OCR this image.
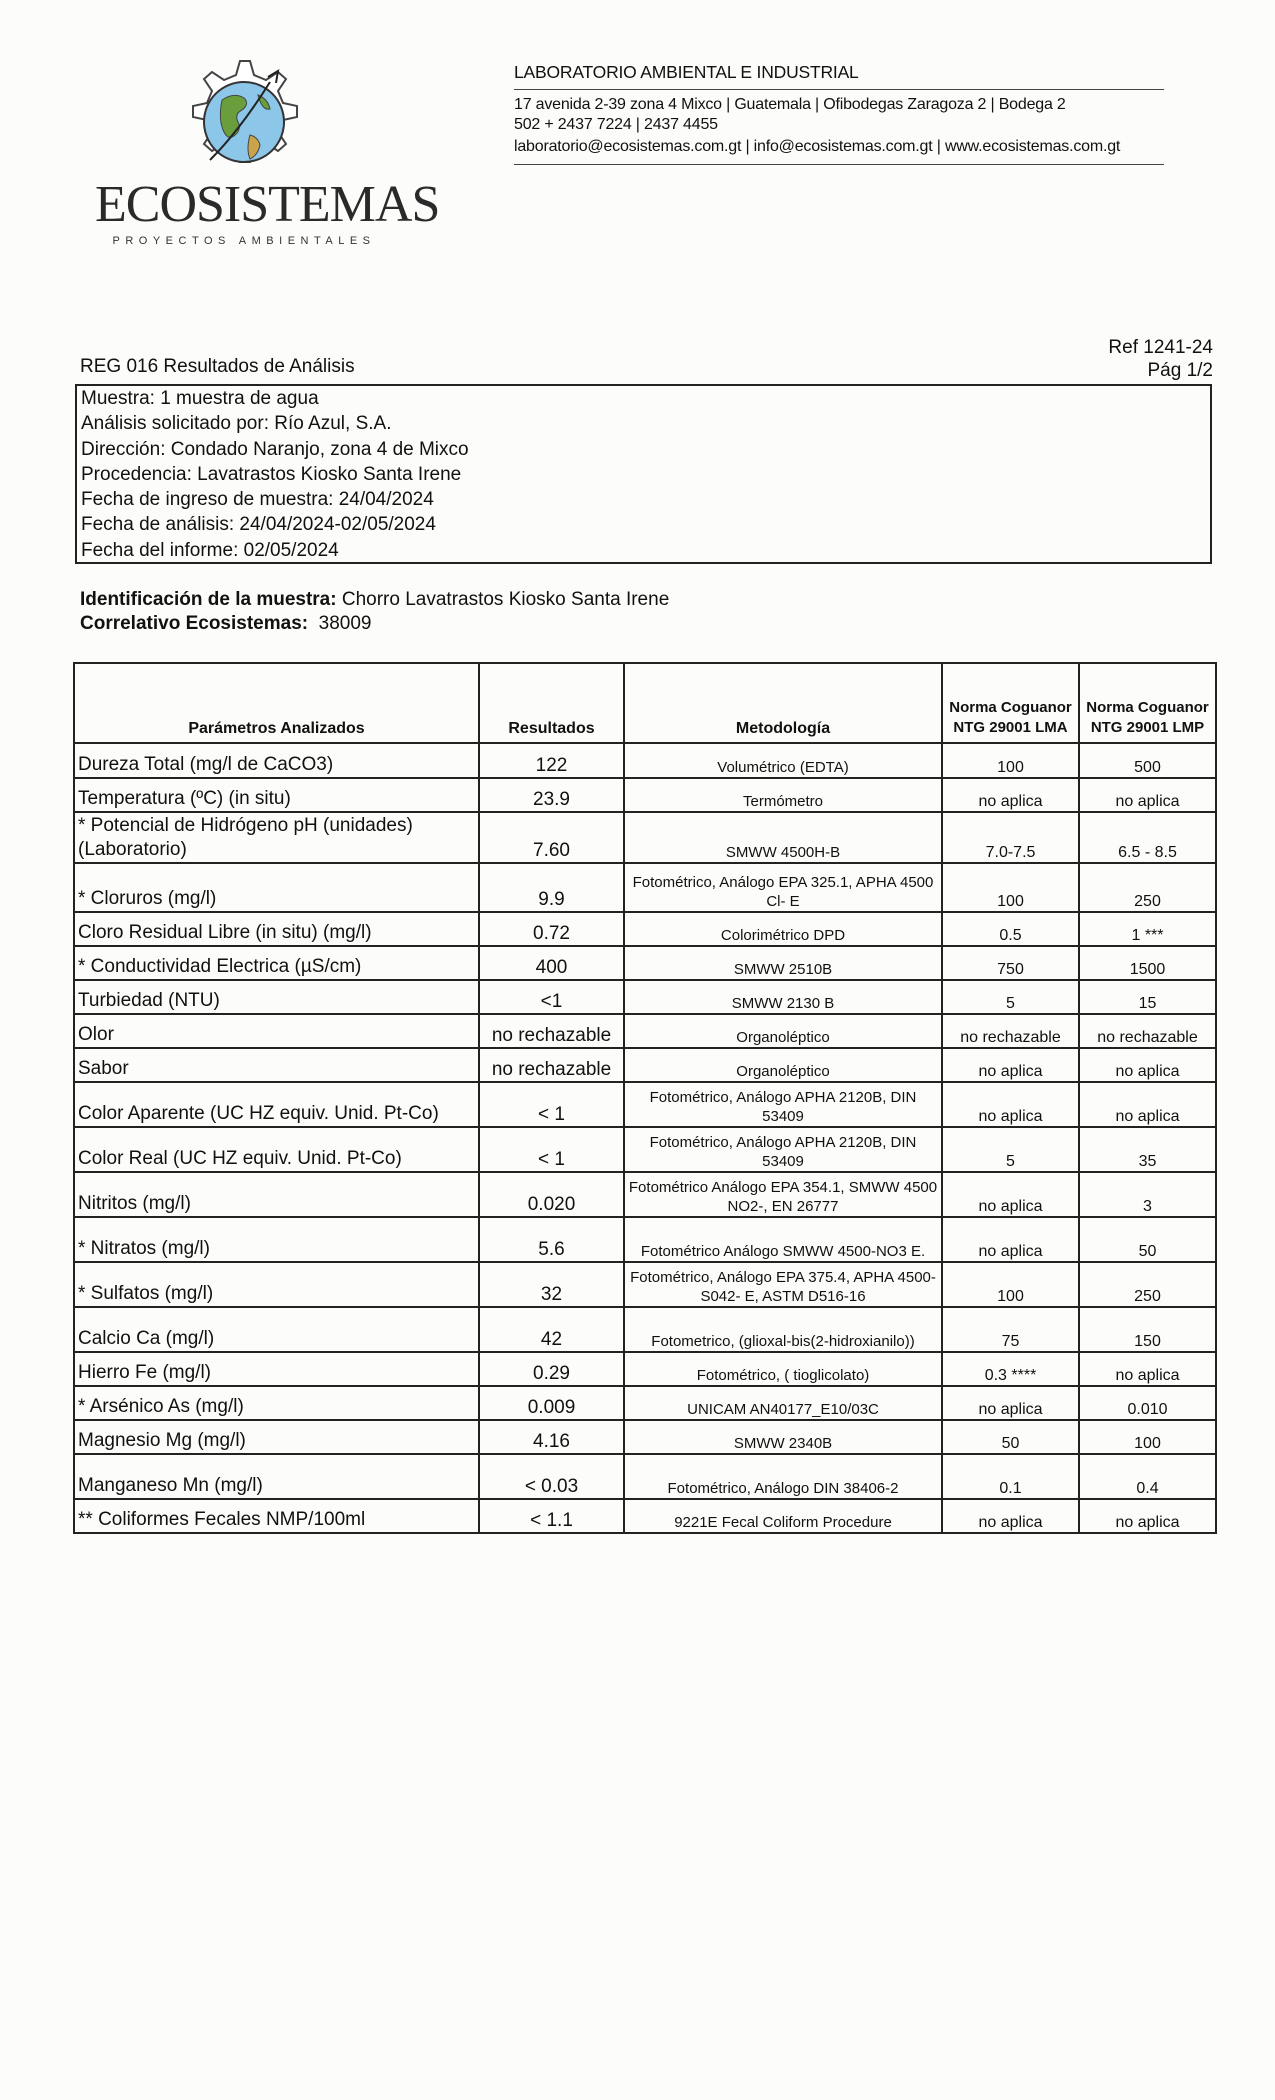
ECOSISTEMAS
PROYECTOS AMBIENTALES
LABORATORIO AMBIENTAL E INDUSTRIAL
17 avenida 2-39 zona 4 Mixco | Guatemala | Ofibodegas Zaragoza 2 | Bodega 2
502 + 2437 7224 | 2437 4455
laboratorio@ecosistemas.com.gt | info@ecosistemas.com.gt | www.ecosistemas.com.gt
Ref 1241-24
Pág 1/2
REG 016 Resultados de Análisis
Muestra: 1 muestra de agua
Análisis solicitado por: Río Azul, S.A.
Dirección: Condado Naranjo, zona 4 de Mixco
Procedencia: Lavatrastos Kiosko Santa Irene
Fecha de ingreso de muestra: 24/04/2024
Fecha de análisis: 24/04/2024-02/05/2024
Fecha del informe: 02/05/2024
Identificación de la muestra: Chorro Lavatrastos Kiosko Santa Irene
Correlativo Ecosistemas: 38009
Parámetros Analizados	Resultados	Metodología	Norma Coguanor NTG 29001 LMA	Norma Coguanor NTG 29001 LMP
Dureza Total (mg/l de CaCO3)	122	Volumétrico (EDTA)	100	500
Temperatura (ºC) (in situ)	23.9	Termómetro	no aplica	no aplica
* Potencial de Hidrógeno pH (unidades) (Laboratorio)	7.60	SMWW 4500H-B	7.0-7.5	6.5 - 8.5
* Cloruros (mg/l)	9.9	Fotométrico, Análogo EPA 325.1, APHA 4500 Cl- E	100	250
Cloro Residual Libre (in situ) (mg/l)	0.72	Colorimétrico DPD	0.5	1 ***
* Conductividad Electrica (µS/cm)	400	SMWW 2510B	750	1500
Turbiedad (NTU)	<1	SMWW 2130 B	5	15
Olor	no rechazable	Organoléptico	no rechazable	no rechazable
Sabor	no rechazable	Organoléptico	no aplica	no aplica
Color Aparente (UC HZ equiv. Unid. Pt-Co)	< 1	Fotométrico, Análogo APHA 2120B, DIN 53409	no aplica	no aplica
Color Real (UC HZ equiv. Unid. Pt-Co)	< 1	Fotométrico, Análogo APHA 2120B, DIN 53409	5	35
Nitritos (mg/l)	0.020	Fotométrico Análogo EPA 354.1, SMWW 4500 NO2-, EN 26777	no aplica	3
* Nitratos (mg/l)	5.6	Fotométrico Análogo SMWW 4500-NO3 E.	no aplica	50
* Sulfatos (mg/l)	32	Fotométrico, Análogo EPA 375.4, APHA 4500-S042- E, ASTM D516-16	100	250
Calcio Ca (mg/l)	42	Fotometrico, (glioxal-bis(2-hidroxianilo))	75	150
Hierro Fe (mg/l)	0.29	Fotométrico, ( tioglicolato)	0.3 ****	no aplica
* Arsénico As (mg/l)	0.009	UNICAM AN40177_E10/03C	no aplica	0.010
Magnesio Mg (mg/l)	4.16	SMWW 2340B	50	100
Manganeso Mn (mg/l)	< 0.03	Fotométrico, Análogo DIN 38406-2	0.1	0.4
** Coliformes Fecales NMP/100ml	< 1.1	9221E Fecal Coliform Procedure	no aplica	no aplica
